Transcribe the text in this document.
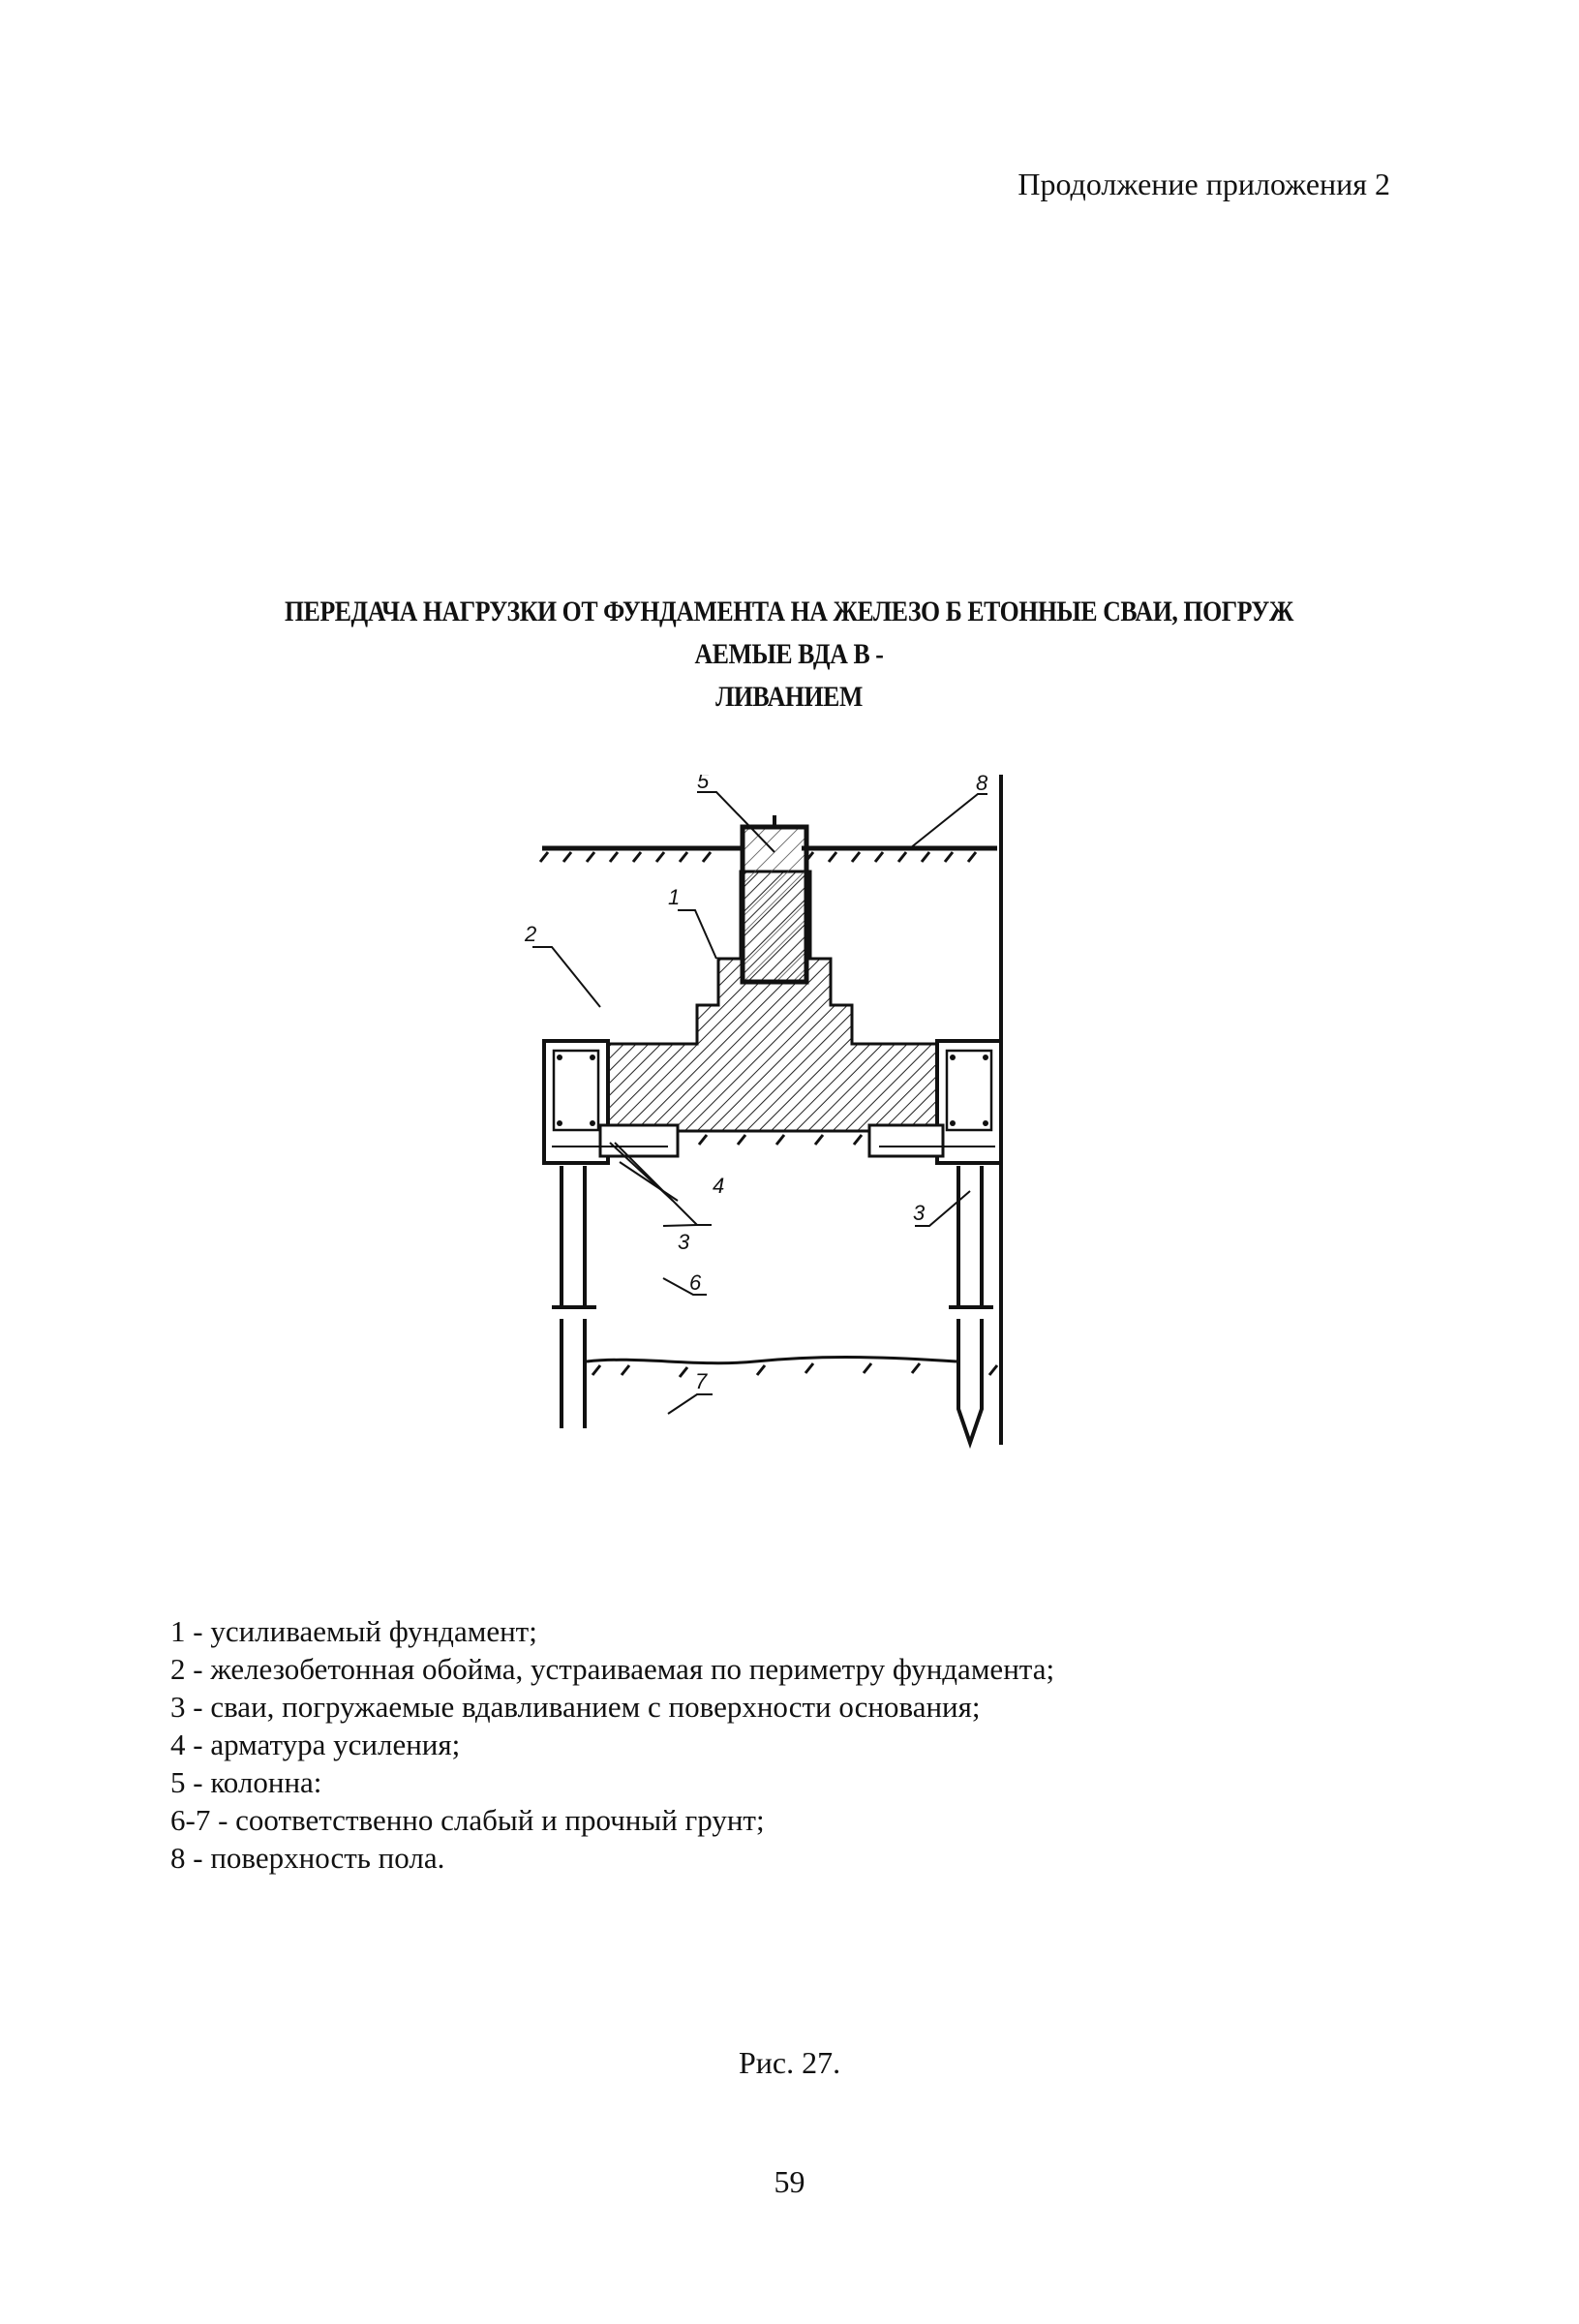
Продолжение приложения 2
ПЕРЕДАЧА НАГРУЗКИ ОТ ФУНДАМЕНТА НА ЖЕЛЕЗО Б ЕТОННЫЕ СВАИ, ПОГРУЖ АЕМЫЕ ВДА В -
ЛИВАНИЕМ
5	8
1
2
4
3
3
6
7
1 - усиливаемый фундамент;
2 - железобетонная обойма, устраиваемая по периметру фундамента;
3 - сваи, погружаемые вдавливанием с поверхности основания;
4 - арматура усиления;
5 - колонна:
6-7 - соответственно слабый и прочный грунт;
8 - поверхность пола.
Рис. 27.
59
